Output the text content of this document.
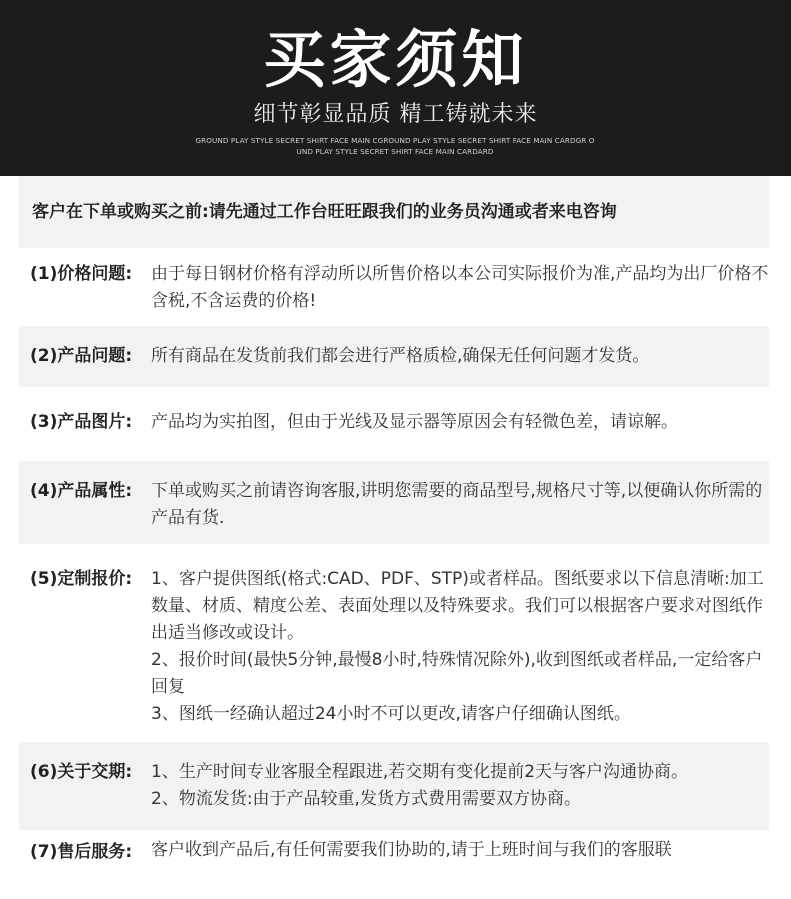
买家须知
细节彰显品质 精工铸就未来
GROUND PLAY STYLE SECRET SHIRT FACE MAIN CGROUND PLAY STYLE SECRET SHIRT FACE MAIN CARDGR OUND PLAY STYLE SECRET SHIRT FACE MAIN CARDARD
客户在下单或购买之前:请先通过工作台旺旺跟我们的业务员沟通或者来电咨询
(1)价格问题:	由于每日钢材价格有浮动所以所售价格以本公司实际报价为准,产品均为出厂价格不含税,不含运费的价格!

(2)产品问题:	所有商品在发货前我们都会进行严格质检,确保无任何问题才发货。

(3)产品图片:	产品均为实拍图，但由于光线及显示器等原因会有轻微色差，请谅解。

(4)产品属性:	下单或购买之前请咨询客服,讲明您需要的商品型号,规格尺寸等,以便确认你所需的产品有货.

(5)定制报价:	1、客户提供图纸(格式:CAD、PDF、STP)或者样品。图纸要求以下信息清晰:加工数量、材质、精度公差、表面处理以及特殊要求。我们可以根据客户要求对图纸作出适当修改或设计。

2、报价时间(最快5分钟,最慢8小时,特殊情况除外),收到图纸或者样品,一定给客户回复

3、图纸一经确认超过24小时不可以更改,请客户仔细确认图纸。

(6)关于交期:	1、生产时间专业客服全程跟进,若交期有变化提前2天与客户沟通协商。

2、物流发货:由于产品较重,发货方式费用需要双方协商。

(7)售后服务:	客户收到产品后,有任何需要我们协助的,请于上班时间与我们的客服联
